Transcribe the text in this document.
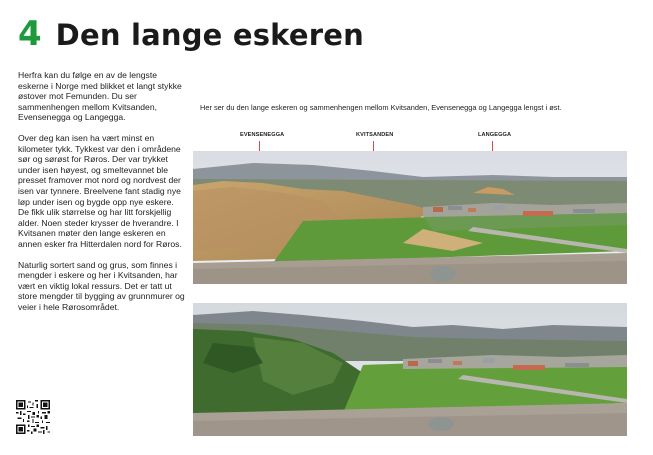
4 Den lange eskeren

Herfra kan du følge en av de lengste eskerne i Norge med blikket et langt stykke østover mot Femunden. Du ser sammenhengen mellom Kvitsanden, Evensenegga og Langegga.

Over deg kan isen ha vært minst en kilometer tykk. Tykkest var den i områdene sør og sørøst for Røros. Der var trykket under isen høyest, og smeltevannet ble presset framover mot nord og nordvest der isen var tynnere. Breelvene fant stadig nye løp under isen og bygde opp nye eskere. De fikk ulik størrelse og har litt forskjellig alder. Noen steder krysser de hverandre. I Kvitsanen møter den lange eskeren en annen esker fra Hitterdalen nord for Røros.

Naturlig sortert sand og grus, som finnes i mengder i eskere og her i Kvitsanden, har vært en viktig lokal ressurs. Det er tatt ut store mengder til bygging av grunnmurer og veier i hele Rørosområdet.

Her ser du den lange eskeren og sammenhengen mellom Kvitsanden, Evensenegga og Langegga lengst i øst.
EVENSENEGGA	KVITSANDEN	LANGEGGA
